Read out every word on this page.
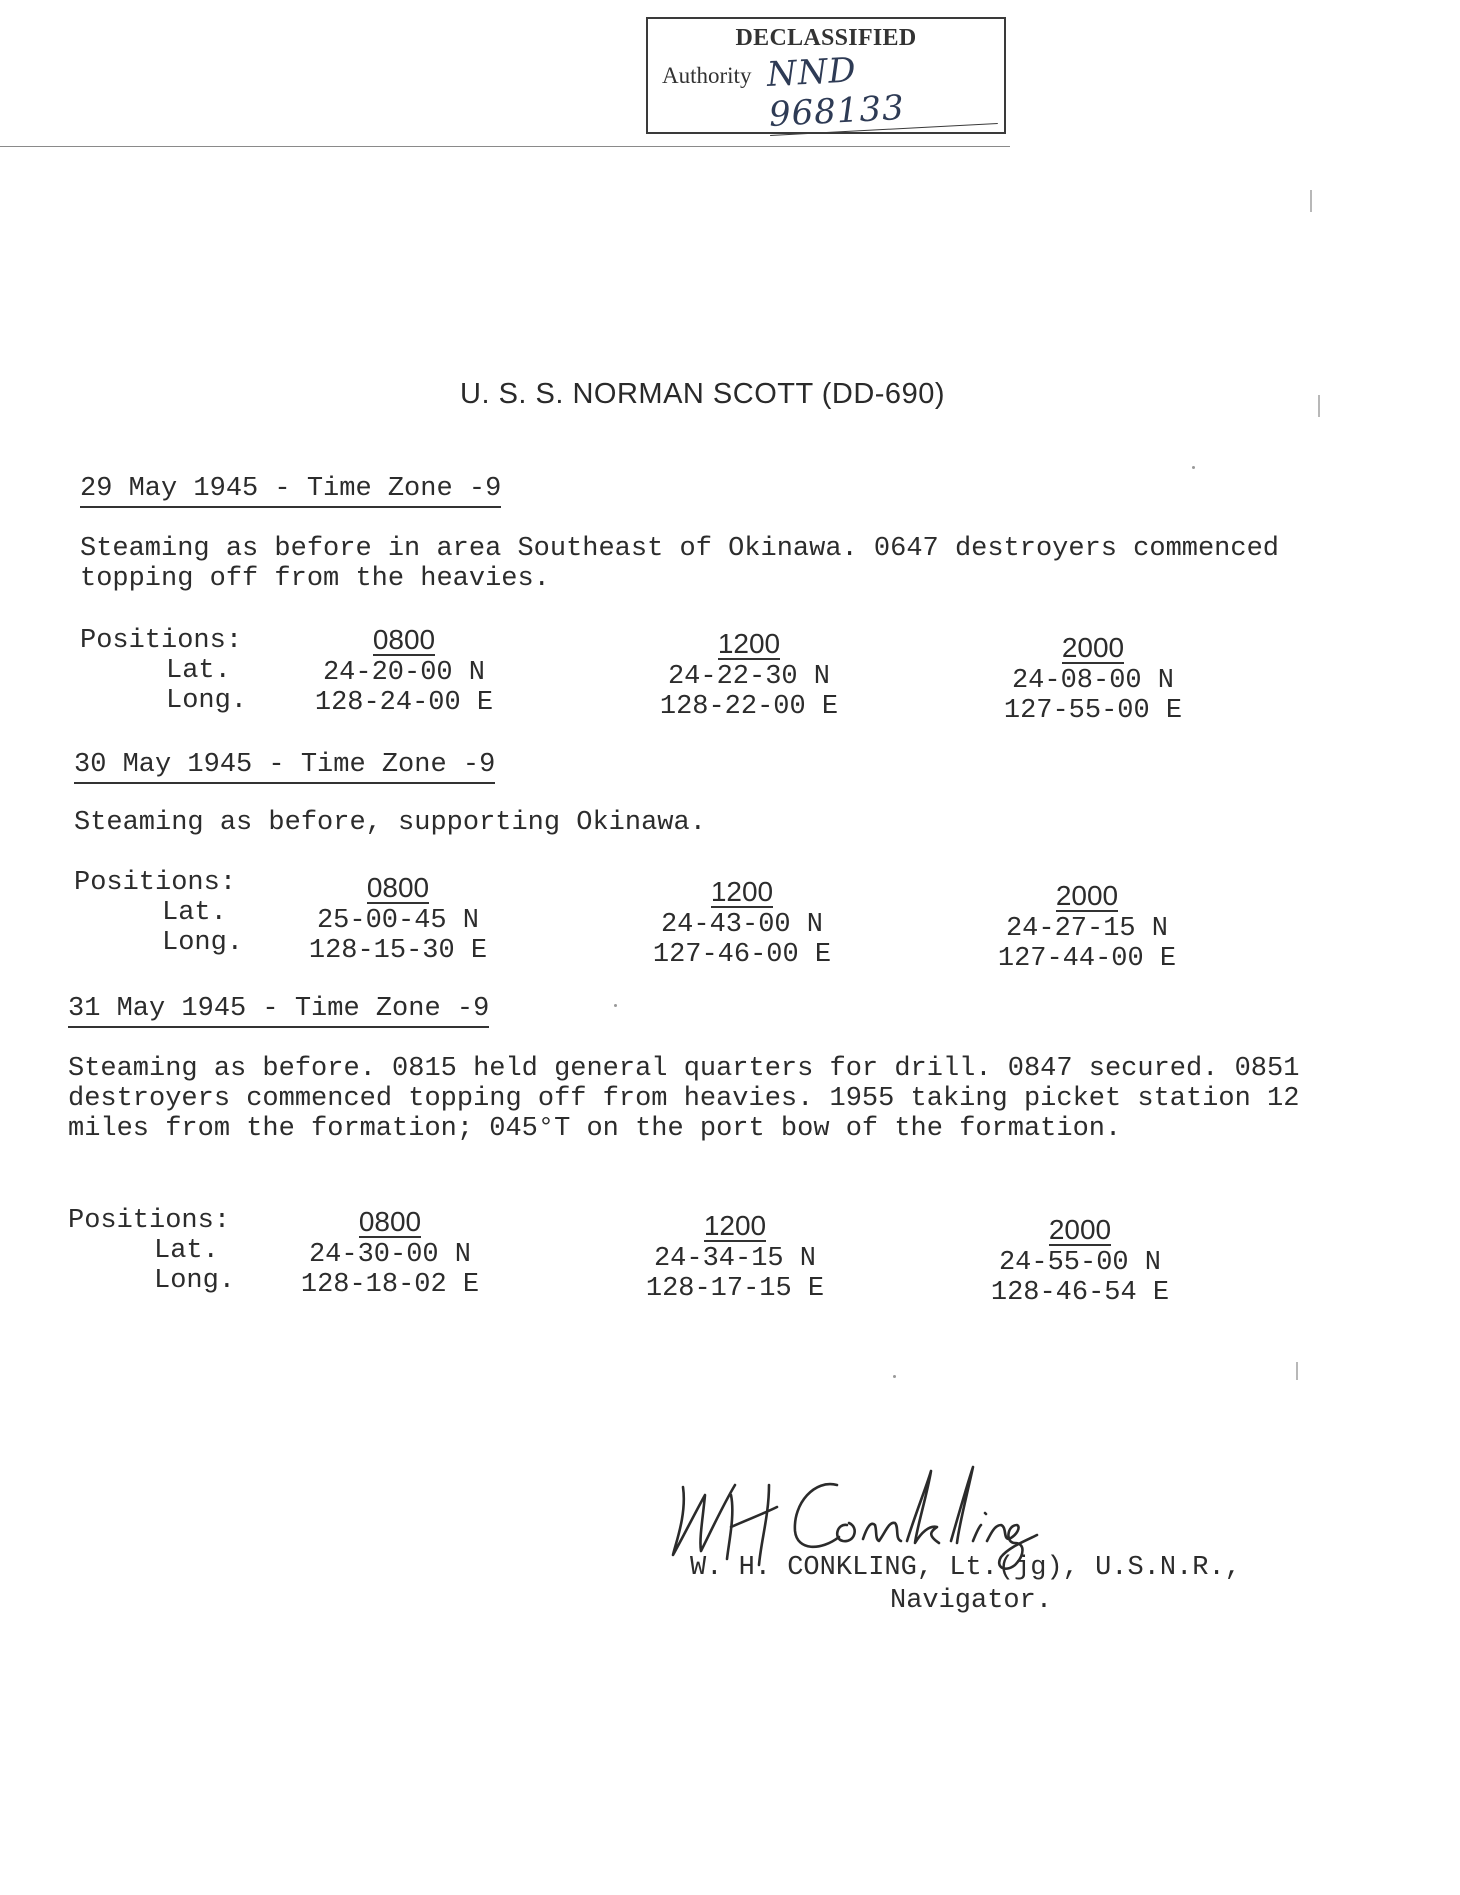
DECLASSIFIED
Authority NND 968133
U. S. S. NORMAN SCOTT (DD-690)
29 May 1945 - Time Zone -9
Steaming as before in area Southeast of Okinawa. 0647 destroyers commenced topping off from the heavies.
Positions:
Lat.
Long.
0800
24-20-00 N
128-24-00 E
1200
24-22-30 N
128-22-00 E
2000
24-08-00 N
127-55-00 E
30 May 1945 - Time Zone -9
Steaming as before, supporting Okinawa.
Positions:
Lat.
Long.
0800
25-00-45 N
128-15-30 E
1200
24-43-00 N
127-46-00 E
2000
24-27-15 N
127-44-00 E
31 May 1945 - Time Zone -9
Steaming as before. 0815 held general quarters for drill. 0847 secured. 0851 destroyers commenced topping off from heavies. 1955 taking picket station 12 miles from the formation; 045°T on the port bow of the formation.
Positions:
Lat.
Long.
0800
24-30-00 N
128-18-02 E
1200
24-34-15 N
128-17-15 E
2000
24-55-00 N
128-46-54 E
W. H. CONKLING, Lt.(jg), U.S.N.R.,
Navigator.
